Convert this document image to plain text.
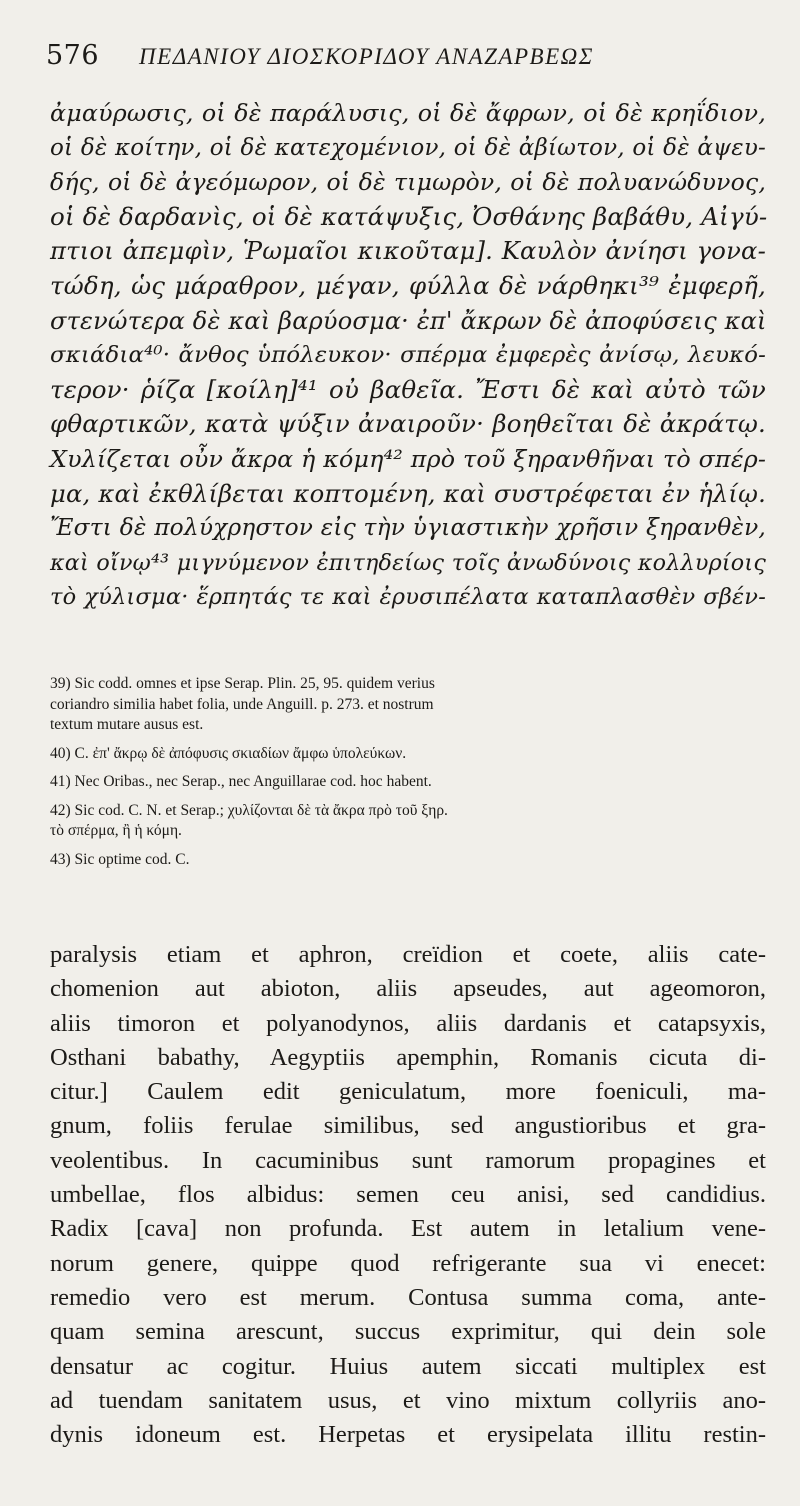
576 ΠΕΔΑΝΙΟΥ ΔΙΟΣΚΟΡΙΔΟΥ ΑΝΑΖΑΡΒΕΩΣ
ἀμαύρωσις, οἱ δὲ παράλυσις, οἱ δὲ ἄφρων, οἱ δὲ κρηΐδιον,
οἱ δὲ κοίτην, οἱ δὲ κατεχομένιον, οἱ δὲ ἀβίωτον, οἱ δὲ ἀψευ-
δής, οἱ δὲ ἀγεόμωρον, οἱ δὲ τιμωρὸν, οἱ δὲ πολυανώδυνος,
οἱ δὲ δαρδανὶς, οἱ δὲ κατάψυξις, Ὀσθάνης βαβάθυ, Αἰγύ-
πτιοι ἀπεμφὶν, Ῥωμαῖοι κικοῦταμ]. Καυλὸν ἀνίησι γονα-
τώδη, ὡς μάραθρον, μέγαν, φύλλα δὲ νάρθηκι³⁹ ἐμφερῆ,
στενώτερα δὲ καὶ βαρύοσμα· ἐπ' ἄκρων δὲ ἀποφύσεις καὶ
σκιάδια⁴⁰· ἄνθος ὑπόλευκον· σπέρμα ἐμφερὲς ἀνίσῳ, λευκό-
τερον· ῥίζα [κοίλη]⁴¹ οὐ βαθεῖα. Ἔστι δὲ καὶ αὐτὸ τῶν
φθαρτικῶν, κατὰ ψύξιν ἀναιροῦν· βοηθεῖται δὲ ἀκράτῳ.
Χυλίζεται οὖν ἄκρα ἡ κόμη⁴² πρὸ τοῦ ξηρανθῆναι τὸ σπέρ-
μα, καὶ ἐκθλίβεται κοπτομένη, καὶ συστρέφεται ἐν ἡλίῳ.
Ἔστι δὲ πολύχρηστον εἰς τὴν ὑγιαστικὴν χρῆσιν ξηρανθὲν,
καὶ οἴνῳ⁴³ μιγνύμενον ἐπιτηδείως τοῖς ἀνωδύνοις κολλυρίοις
τὸ χύλισμα· ἕρπητάς τε καὶ ἐρυσιπέλατα καταπλασθὲν σβέν-
39) Sic codd. omnes et ipse Serap. Plin. 25, 95. quidem verius
coriandro similia habet folia, unde Anguill. p. 273. et nostrum
textum mutare ausus est.
40) C. ἐπ' ἄκρῳ δὲ ἀπόφυσις σκιαδίων ἄμφω ὑπολεύκων.
41) Nec Oribas., nec Serap., nec Anguillarae cod. hoc habent.
42) Sic cod. C. N. et Serap.; χυλίζονται δὲ τὰ ἄκρα πρὸ τοῦ ξηρ.
τὸ σπέρμα, ἢ ἡ κόμη.
43) Sic optime cod. C.
paralysis etiam et aphron, creïdion et coete, aliis cate-
chomenion aut abioton, aliis apseudes, aut ageomoron,
aliis timoron et polyanodynos, aliis dardanis et catapsyxis,
Osthani babathy, Aegyptiis apemphin, Romanis cicuta di-
citur.] Caulem edit geniculatum, more foeniculi, ma-
gnum, foliis ferulae similibus, sed angustioribus et gra-
veolentibus. In cacuminibus sunt ramorum propagines et
umbellae, flos albidus: semen ceu anisi, sed candidius.
Radix [cava] non profunda. Est autem in letalium vene-
norum genere, quippe quod refrigerante sua vi enecet:
remedio vero est merum. Contusa summa coma, ante-
quam semina arescunt, succus exprimitur, qui dein sole
densatur ac cogitur. Huius autem siccati multiplex est
ad tuendam sanitatem usus, et vino mixtum collyriis ano-
dynis idoneum est. Herpetas et erysipelata illitu restin-
